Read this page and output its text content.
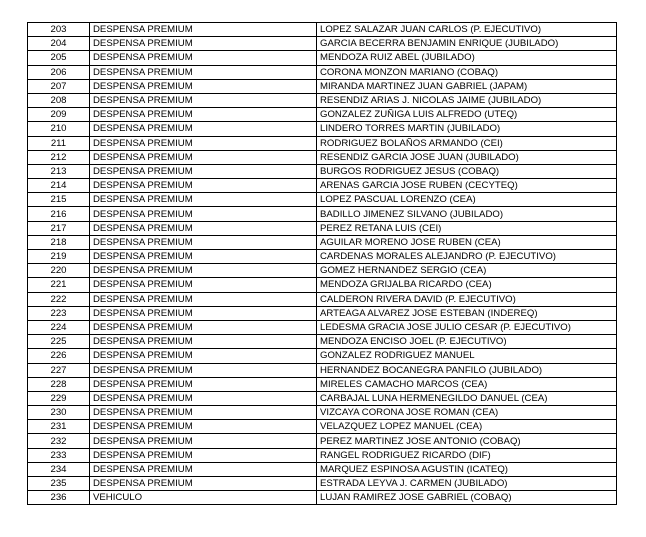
203	DESPENSA PREMIUM	LOPEZ SALAZAR JUAN CARLOS (P. EJECUTIVO)
204	DESPENSA PREMIUM	GARCIA BECERRA BENJAMIN ENRIQUE (JUBILADO)
205	DESPENSA PREMIUM	MENDOZA RUIZ ABEL (JUBILADO)
206	DESPENSA PREMIUM	CORONA MONZON MARIANO (COBAQ)
207	DESPENSA PREMIUM	MIRANDA MARTINEZ JUAN GABRIEL (JAPAM)
208	DESPENSA PREMIUM	RESENDIZ ARIAS J. NICOLAS JAIME (JUBILADO)
209	DESPENSA PREMIUM	GONZALEZ ZUÑIGA LUIS ALFREDO (UTEQ)
210	DESPENSA PREMIUM	LINDERO TORRES MARTIN (JUBILADO)
211	DESPENSA PREMIUM	RODRIGUEZ BOLAÑOS ARMANDO (CEI)
212	DESPENSA PREMIUM	RESENDIZ GARCIA JOSE JUAN (JUBILADO)
213	DESPENSA PREMIUM	BURGOS RODRIGUEZ JESUS (COBAQ)
214	DESPENSA PREMIUM	ARENAS GARCIA JOSE RUBEN (CECYTEQ)
215	DESPENSA PREMIUM	LOPEZ PASCUAL LORENZO (CEA)
216	DESPENSA PREMIUM	BADILLO JIMENEZ SILVANO (JUBILADO)
217	DESPENSA PREMIUM	PEREZ RETANA LUIS (CEI)
218	DESPENSA PREMIUM	AGUILAR MORENO JOSE RUBEN (CEA)
219	DESPENSA PREMIUM	CARDENAS MORALES ALEJANDRO (P. EJECUTIVO)
220	DESPENSA PREMIUM	GOMEZ HERNANDEZ SERGIO (CEA)
221	DESPENSA PREMIUM	MENDOZA GRIJALBA RICARDO (CEA)
222	DESPENSA PREMIUM	CALDERON RIVERA DAVID (P. EJECUTIVO)
223	DESPENSA PREMIUM	ARTEAGA ALVAREZ JOSE ESTEBAN (INDEREQ)
224	DESPENSA PREMIUM	LEDESMA GRACIA JOSE JULIO CESAR (P. EJECUTIVO)
225	DESPENSA PREMIUM	MENDOZA ENCISO JOEL (P. EJECUTIVO)
226	DESPENSA PREMIUM	GONZALEZ RODRIGUEZ MANUEL
227	DESPENSA PREMIUM	HERNANDEZ BOCANEGRA PANFILO (JUBILADO)
228	DESPENSA PREMIUM	MIRELES CAMACHO MARCOS (CEA)
229	DESPENSA PREMIUM	CARBAJAL LUNA HERMENEGILDO DANUEL (CEA)
230	DESPENSA PREMIUM	VIZCAYA CORONA JOSE ROMAN (CEA)
231	DESPENSA PREMIUM	VELAZQUEZ LOPEZ MANUEL (CEA)
232	DESPENSA PREMIUM	PEREZ MARTINEZ JOSE ANTONIO (COBAQ)
233	DESPENSA PREMIUM	RANGEL RODRIGUEZ RICARDO (DIF)
234	DESPENSA PREMIUM	MARQUEZ ESPINOSA AGUSTIN (ICATEQ)
235	DESPENSA PREMIUM	ESTRADA LEYVA J. CARMEN (JUBILADO)
236	VEHICULO	LUJAN RAMIREZ JOSE GABRIEL (COBAQ)
